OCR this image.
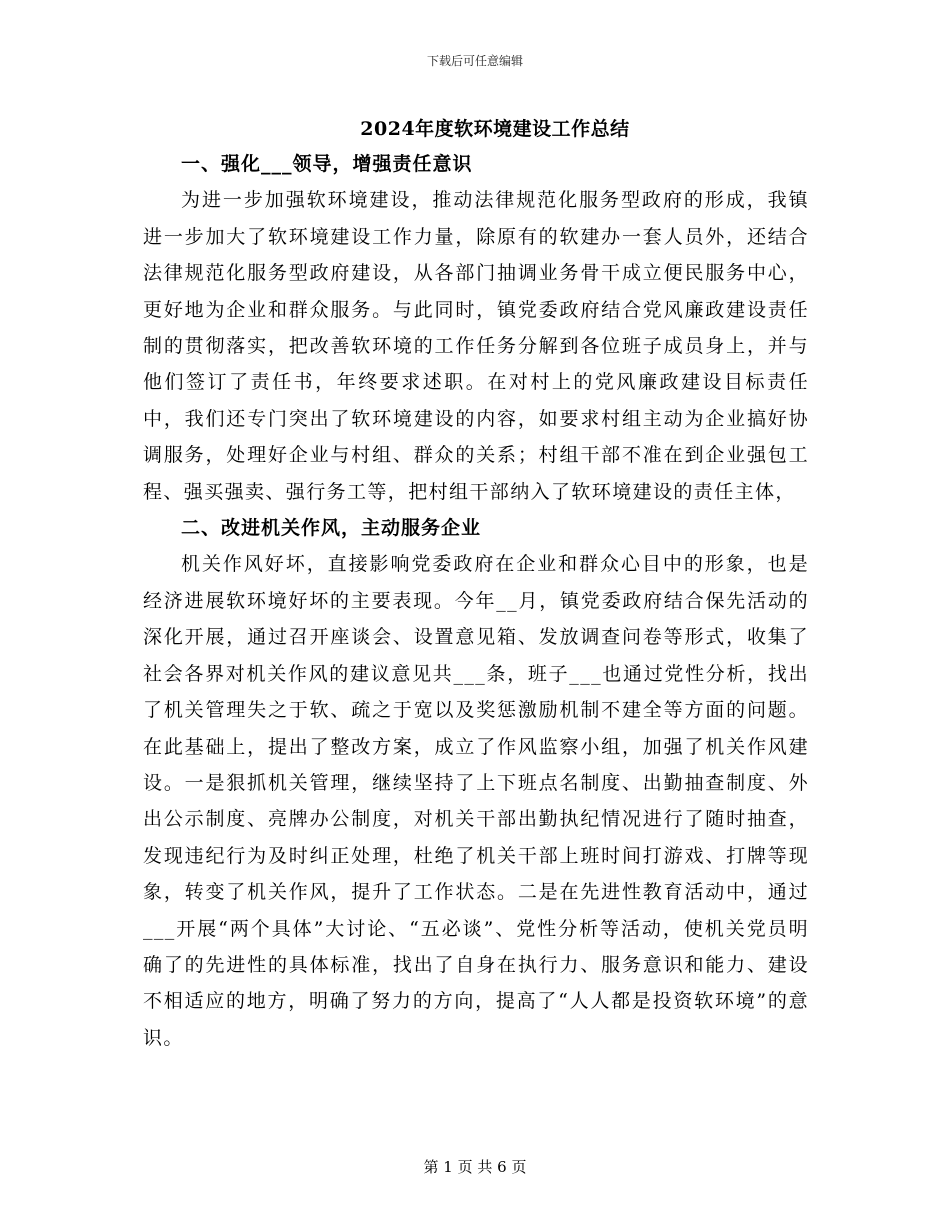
下载后可任意编辑
2024年度软环境建设工作总结
一、强化___领导，增强责任意识

为进一步加强软环境建设，推动法律规范化服务型政府的形成，我镇进一步加大了软环境建设工作力量，除原有的软建办一套人员外，还结合法律规范化服务型政府建设，从各部门抽调业务骨干成立便民服务中心，更好地为企业和群众服务。与此同时，镇党委政府结合党风廉政建设责任制的贯彻落实，把改善软环境的工作任务分解到各位班子成员身上，并与他们签订了责任书，年终要求述职。在对村上的党风廉政建设目标责任中，我们还专门突出了软环境建设的内容，如要求村组主动为企业搞好协调服务，处理好企业与村组、群众的关系；村组干部不准在到企业强包工程、强买强卖、强行务工等，把村组干部纳入了软环境建设的责任主体，

二、改进机关作风，主动服务企业

机关作风好坏，直接影响党委政府在企业和群众心目中的形象，也是经济进展软环境好坏的主要表现。今年__月，镇党委政府结合保先活动的深化开展，通过召开座谈会、设置意见箱、发放调查问卷等形式，收集了社会各界对机关作风的建议意见共___条，班子___也通过党性分析，找出了机关管理失之于软、疏之于宽以及奖惩激励机制不建全等方面的问题。在此基础上，提出了整改方案，成立了作风监察小组，加强了机关作风建设。一是狠抓机关管理，继续坚持了上下班点名制度、出勤抽查制度、外出公示制度、亮牌办公制度，对机关干部出勤执纪情况进行了随时抽查，发现违纪行为及时纠正处理，杜绝了机关干部上班时间打游戏、打牌等现象，转变了机关作风，提升了工作状态。二是在先进性教育活动中，通过___开展“两个具体”大讨论、“五必谈”、党性分析等活动，使机关党员明确了的先进性的具体标准，找出了自身在执行力、服务意识和能力、建设不相适应的地方，明确了努力的方向，提高了“人人都是投资软环境”的意识。

第 1 页 共 6 页
